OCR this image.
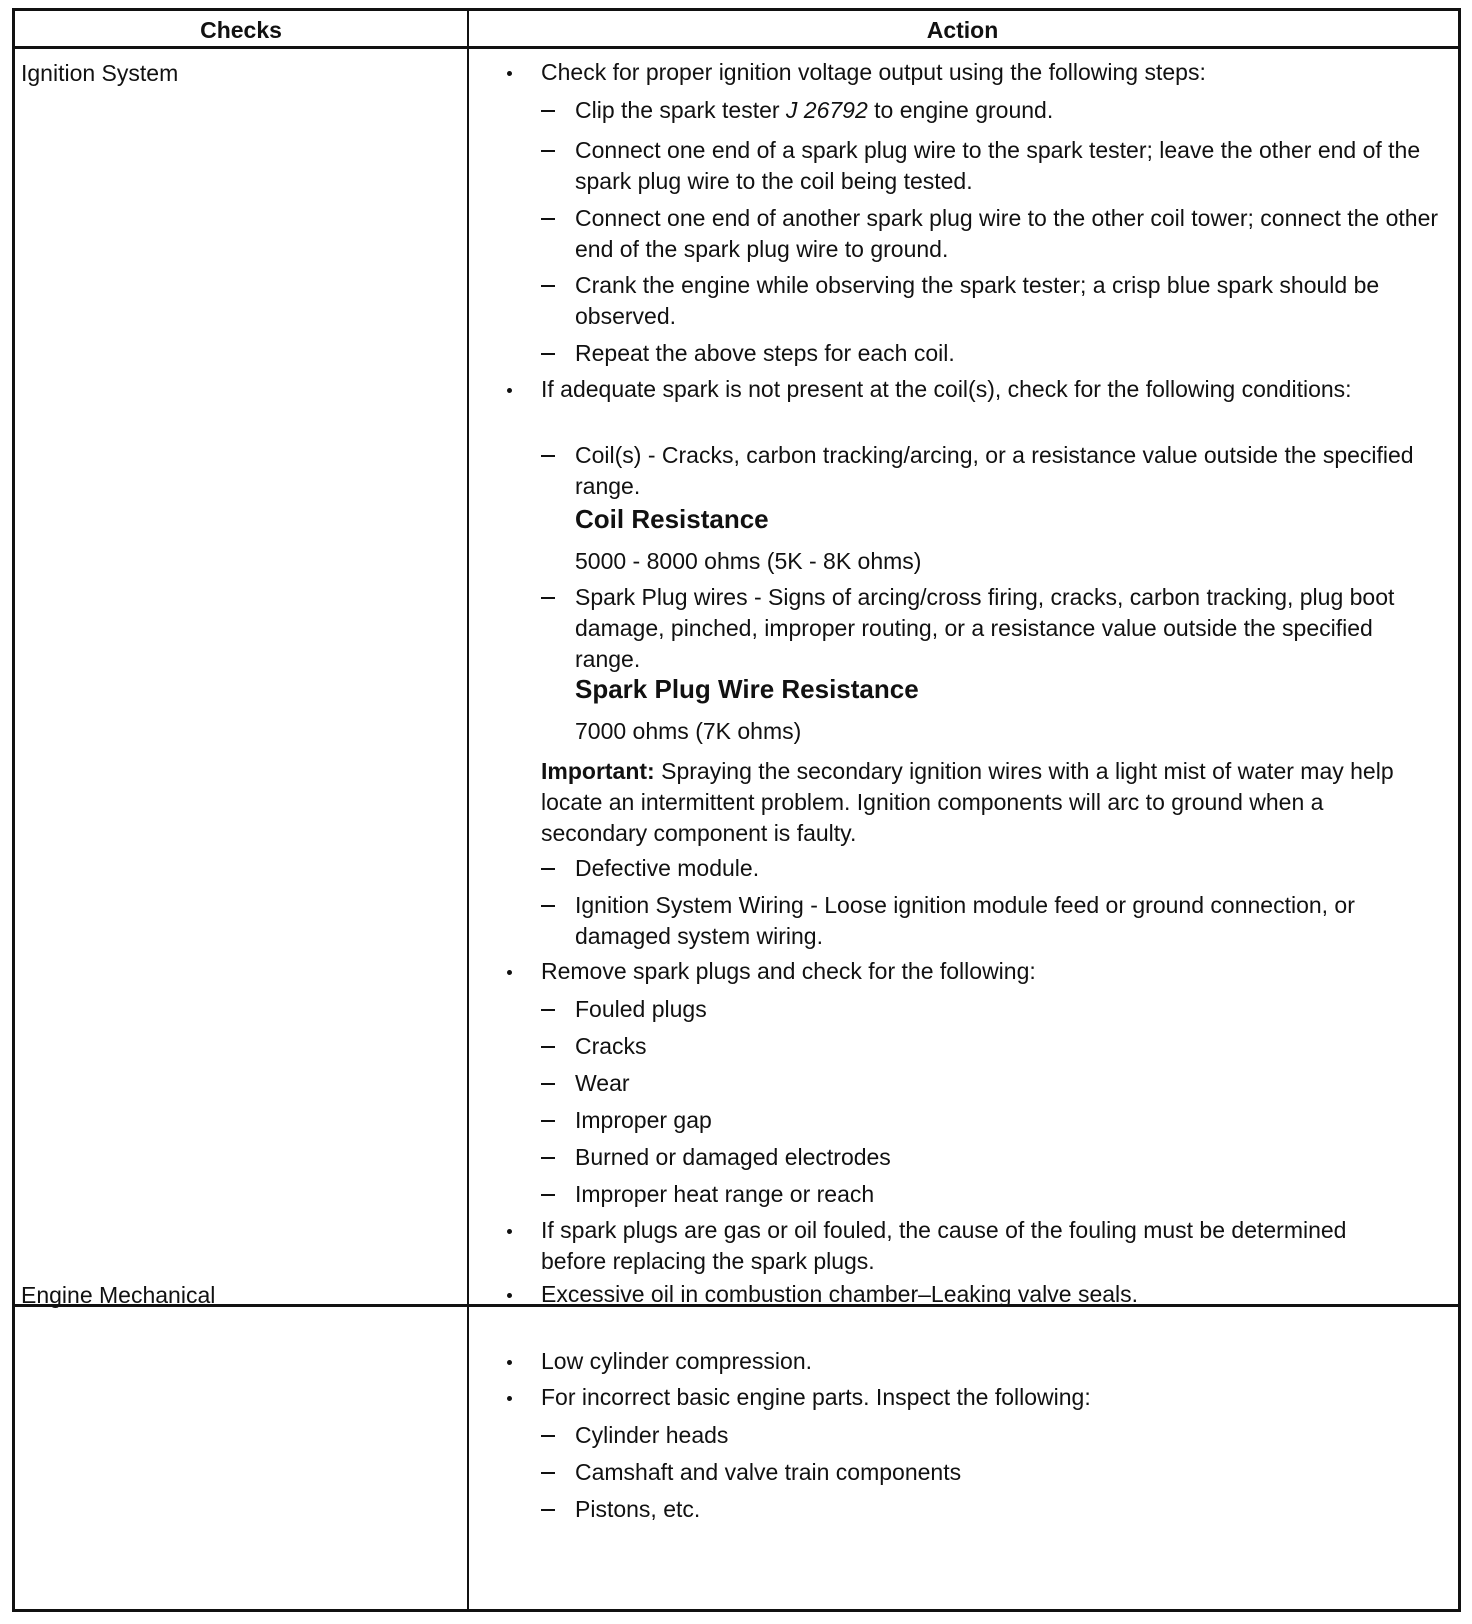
Checks	Action
Ignition System	Check for proper ignition voltage output using the following steps:
Clip the spark tester J 26792 to engine ground.
Connect one end of a spark plug wire to the spark tester; leave the other end of the spark plug wire to the coil being tested.
Connect one end of another spark plug wire to the other coil tower; connect the other end of the spark plug wire to ground.
Crank the engine while observing the spark tester; a crisp blue spark should be observed.
Repeat the above steps for each coil.
If adequate spark is not present at the coil(s), check for the following conditions:
Coil(s) - Cracks, carbon tracking/arcing, or a resistance value outside the specified range.
Coil Resistance
5000 - 8000 ohms (5K - 8K ohms)
Spark Plug wires - Signs of arcing/cross firing, cracks, carbon tracking, plug boot damage, pinched, improper routing, or a resistance value outside the specified range.
Spark Plug Wire Resistance
7000 ohms (7K ohms)
Important: Spraying the secondary ignition wires with a light mist of water may help locate an intermittent problem. Ignition components will arc to ground when a secondary component is faulty.
Defective module.
Ignition System Wiring - Loose ignition module feed or ground connection, or damaged system wiring.
Remove spark plugs and check for the following:
Fouled plugs
Cracks
Wear
Improper gap
Burned or damaged electrodes
Improper heat range or reach
If spark plugs are gas or oil fouled, the cause of the fouling must be determined before replacing the spark plugs.
Engine Mechanical	Excessive oil in combustion chamber–Leaking valve seals.
Low cylinder compression.
For incorrect basic engine parts. Inspect the following:
Cylinder heads
Camshaft and valve train components
Pistons, etc.
